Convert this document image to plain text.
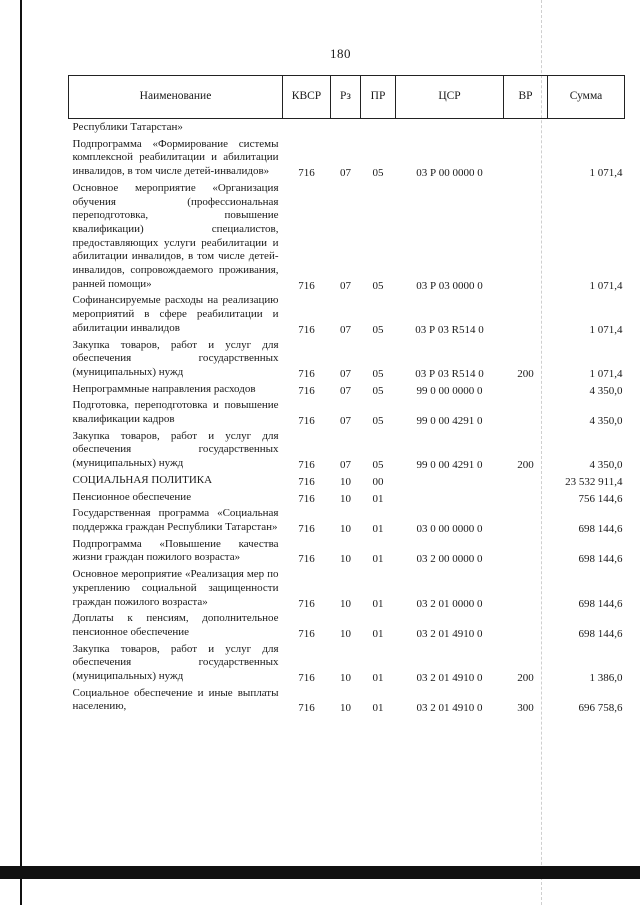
180
Наименование	КВСР	Рз	ПР	ЦСР	ВР	Сумма
Республики Татарстан»						
Подпрограмма «Формирование системы комплексной реабилитации и абилитации инвалидов, в том числе детей-инвалидов»	716	07	05	03 Р 00 0000 0		1 071,4
Основное мероприятие «Организация обучения (профессиональная переподготовка, повышение квалификации) специалистов, предоставляющих услуги реабилитации и абилитации инвалидов, в том числе детей-инвалидов, сопровождаемого проживания, ранней помощи»	716	07	05	03 Р 03 0000 0		1 071,4
Софинансируемые расходы на реализацию мероприятий в сфере реабилитации и абилитации инвалидов	716	07	05	03 Р 03 R514 0		1 071,4
Закупка товаров, работ и услуг для обеспечения государственных (муниципальных) нужд	716	07	05	03 Р 03 R514 0	200	1 071,4
Непрограммные направления расходов	716	07	05	99 0 00 0000 0		4 350,0
Подготовка, переподготовка и повышение квалификации кадров	716	07	05	99 0 00 4291 0		4 350,0
Закупка товаров, работ и услуг для обеспечения государственных (муниципальных) нужд	716	07	05	99 0 00 4291 0	200	4 350,0
СОЦИАЛЬНАЯ ПОЛИТИКА	716	10	00			23 532 911,4
Пенсионное обеспечение	716	10	01			756 144,6
Государственная программа «Социальная поддержка граждан Республики Татарстан»	716	10	01	03 0 00 0000 0		698 144,6
Подпрограмма «Повышение качества жизни граждан пожилого возраста»	716	10	01	03 2 00 0000 0		698 144,6
Основное мероприятие «Реализация мер по укреплению социальной защищенности граждан пожилого возраста»	716	10	01	03 2 01 0000 0		698 144,6
Доплаты к пенсиям, дополнительное пенсионное обеспечение	716	10	01	03 2 01 4910 0		698 144,6
Закупка товаров, работ и услуг для обеспечения государственных (муниципальных) нужд	716	10	01	03 2 01 4910 0	200	1 386,0
Социальное обеспечение и иные выплаты населению,	716	10	01	03 2 01 4910 0	300	696 758,6
